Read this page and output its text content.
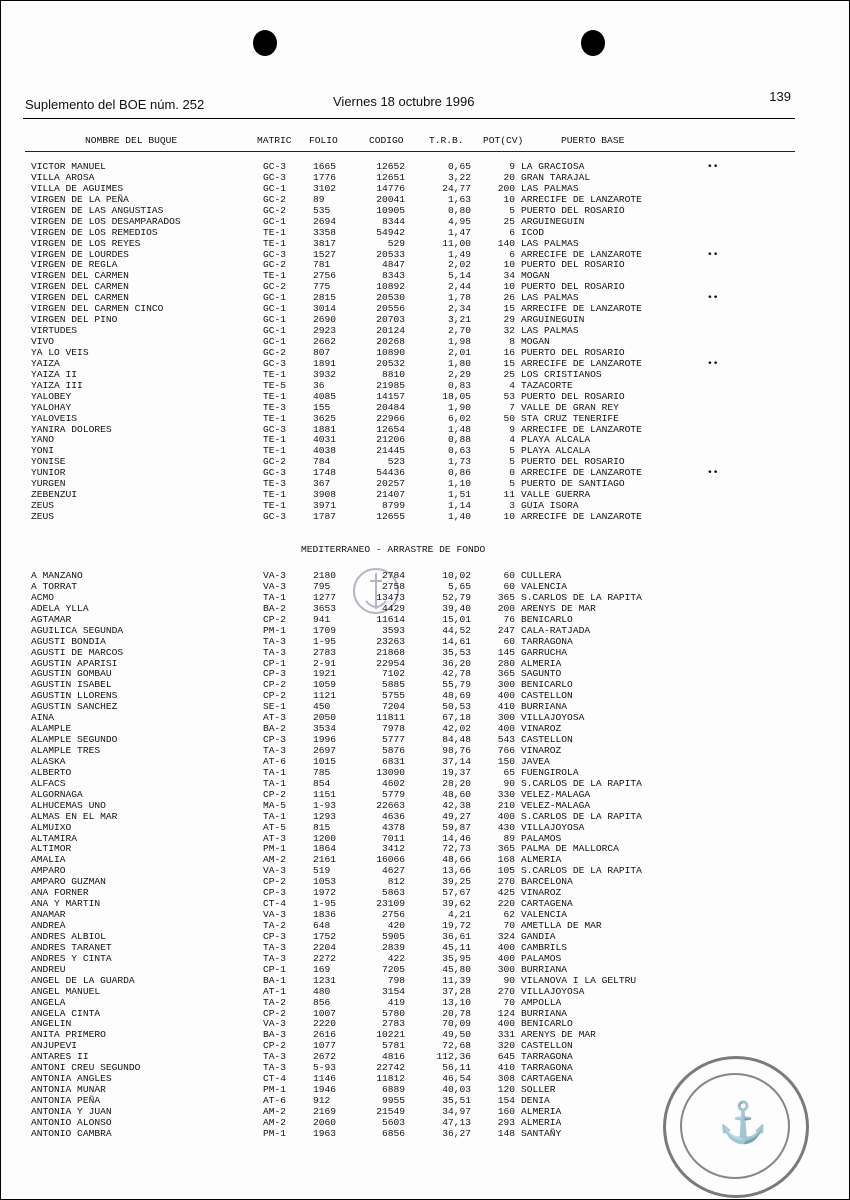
Suplemento del BOE núm. 252	Viernes 18 octubre 1996	139
NOMBRE DEL BUQUE	MATRIC FOLIO	CODIGO	T.R.B. POT(CV)	PUERTO BASE
VICTOR MANUEL	GC-3	1665	12652	0,65	9 LA GRACIOSA	••
VILLA AROSA	GC-3	1776	12651	3,22	20 GRAN TARAJAL
VILLA DE AGUIMES	GC-1	3102	14776	24,77	200 LAS PALMAS
VIRGEN DE LA PEÑA	GC-2	89	20041	1,63	10 ARRECIFE DE LANZAROTE
VIRGEN DE LAS ANGUSTIAS	GC-2	535	10905	0,80	5 PUERTO DEL ROSARIO
VIRGEN DE LOS DESAMPARADOS	GC-1	2694	8344	4,95	25 ARGUINEGUIN
VIRGEN DE LOS REMEDIOS	TE-1	3358	54942	1,47	6 ICOD
VIRGEN DE LOS REYES	TE-1	3817	529	11,00	140 LAS PALMAS
VIRGEN DE LOURDES	GC-3	1527	20533	1,49	6 ARRECIFE DE LANZAROTE	••
VIRGEN DE REGLA	GC-2	781	4847	2,02	10 PUERTO DEL ROSARIO
VIRGEN DEL CARMEN	TE-1	2756	8343	5,14	34 MOGAN
VIRGEN DEL CARMEN	GC-2	775	10892	2,44	10 PUERTO DEL ROSARIO
VIRGEN DEL CARMEN	GC-1	2815	20530	1,78	26 LAS PALMAS	••
VIRGEN DEL CARMEN CINCO	GC-1	3014	20556	2,34	15 ARRECIFE DE LANZAROTE
VIRGEN DEL PINO	GC-1	2690	20703	3,21	29 ARGUINEGUIN
VIRTUDES	GC-1	2923	20124	2,70	32 LAS PALMAS
VIVO	GC-1	2662	20268	1,98	8 MOGAN
YA LO VEIS	GC-2	807	10890	2,01	16 PUERTO DEL ROSARIO
YAIZA	GC-3	1891	20532	1,80	15 ARRECIFE DE LANZAROTE	••
YAIZA II	TE-1	3932	8810	2,29	25 LOS CRISTIANOS
YAIZA III	TE-5	36	21985	0,83	4 TAZACORTE
YALOBEY	TE-1	4085	14157	18,05	53 PUERTO DEL ROSARIO
YALOHAY	TE-3	155	20484	1,90	7 VALLE DE GRAN REY
YALOVEIS	TE-1	3625	22966	6,02	50 STA CRUZ TENERIFE
YANIRA DOLORES	GC-3	1881	12654	1,48	9 ARRECIFE DE LANZAROTE
YANO	TE-1	4031	21206	0,88	4 PLAYA ALCALA
YONI	TE-1	4038	21445	0,63	5 PLAYA ALCALA
YONISE	GC-2	784	523	1,73	5 PUERTO DEL ROSARIO
YUNIOR	GC-3	1748	54436	0,86	0 ARRECIFE DE LANZAROTE	••
YURGEN	TE-3	367	20257	1,10	5 PUERTO DE SANTIAGO
ZEBENZUI	TE-1	3908	21407	1,51	11 VALLE GUERRA
ZEUS	TE-1	3971	8799	1,14	3 GUIA ISORA
ZEUS	GC-3	1787	12655	1,40	10 ARRECIFE DE LANZAROTE
MEDITERRANEO - ARRASTRE DE FONDO
A MANZANO	VA-3	2180	2784	10,02	60 CULLERA
A TORRAT	VA-3	795	2758	5,65	60 VALENCIA
ACMO	TA-1	1277	13473	52,79	365 S.CARLOS DE LA RAPITA
ADELA YLLA	BA-2	3653	4429	39,40	200 ARENYS DE MAR
AGTAMAR	CP-2	941	11614	15,01	76 BENICARLO
AGUILICA SEGUNDA	PM-1	1709	3593	44,52	247 CALA-RATJADA
AGUSTI BONDIA	TA-3	1-95	23263	14,61	60 TARRAGONA
AGUSTI DE MARCOS	TA-3	2783	21868	35,53	145 GARRUCHA
AGUSTIN APARISI	CP-1	2-91	22954	36,20	280 ALMERIA
AGUSTIN GOMBAU	CP-3	1921	7102	42,78	365 SAGUNTO
AGUSTIN ISABEL	CP-2	1059	5885	55,79	300 BENICARLO
AGUSTIN LLORENS	CP-2	1121	5755	48,69	400 CASTELLON
AGUSTIN SANCHEZ	SE-1	450	7204	50,53	410 BURRIANA
AINA	AT-3	2050	11811	67,18	300 VILLAJOYOSA
ALAMPLE	BA-2	3534	7978	42,02	400 VINAROZ
ALAMPLE SEGUNDO	CP-3	1996	5777	84,48	543 CASTELLON
ALAMPLE TRES	TA-3	2697	5876	98,76	766 VINAROZ
ALASKA	AT-6	1015	6831	37,14	150 JAVEA
ALBERTO	TA-1	785	13090	19,37	65 FUENGIROLA
ALFACS	TA-1	854	4602	28,20	90 S.CARLOS DE LA RAPITA
ALGORNAGA	CP-2	1151	5779	48,60	330 VELEZ-MALAGA
ALHUCEMAS UNO	MA-5	1-93	22663	42,38	210 VELEZ-MALAGA
ALMAS EN EL MAR	TA-1	1293	4636	49,27	400 S.CARLOS DE LA RAPITA
ALMUIXO	AT-5	815	4378	59,87	430 VILLAJOYOSA
ALTAMIRA	AT-3	1200	7011	14,46	89 PALAMOS
ALTIMOR	PM-1	1864	3412	72,73	365 PALMA DE MALLORCA
AMALIA	AM-2	2161	16066	48,66	168 ALMERIA
AMPARO	VA-3	519	4627	13,66	105 S.CARLOS DE LA RAPITA
AMPARO GUZMAN	CP-2	1053	812	39,25	270 BARCELONA
ANA FORNER	CP-3	1972	5863	57,67	425 VINAROZ
ANA Y MARTIN	CT-4	1-95	23109	39,62	220 CARTAGENA
ANAMAR	VA-3	1836	2756	4,21	62 VALENCIA
ANDREA	TA-2	648	420	19,72	70 AMETLLA DE MAR
ANDRES ALBIOL	CP-3	1752	5905	36,61	324 GANDIA
ANDRES TARANET	TA-3	2204	2839	45,11	400 CAMBRILS
ANDRES Y CINTA	TA-3	2272	422	35,95	400 PALAMOS
ANDREU	CP-1	169	7205	45,80	300 BURRIANA
ANGEL DE LA GUARDA	BA-1	1231	798	11,39	90 VILANOVA I LA GELTRU
ANGEL MANUEL	AT-1	480	3154	37,28	270 VILLAJOYOSA
ANGELA	TA-2	856	419	13,10	70 AMPOLLA
ANGELA CINTA	CP-2	1007	5780	20,78	124 BURRIANA
ANGELIN	VA-3	2220	2783	70,09	400 BENICARLO
ANITA PRIMERO	BA-3	2616	10221	49,50	331 ARENYS DE MAR
ANJUPEVI	CP-2	1077	5781	72,68	320 CASTELLON
ANTARES II	TA-3	2672	4816	112,36	645 TARRAGONA
ANTONI CREU SEGUNDO	TA-3	5-93	22742	56,11	410 TARRAGONA
ANTONIA ANGLES	CT-4	1146	11812	46,54	308 CARTAGENA
ANTONIA MUNAR	PM-1	1946	6889	40,03	120 SOLLER
ANTONIA PEÑA	AT-6	912	9955	35,51	154 DENIA
ANTONIA Y JUAN	AM-2	2169	21549	34,97	160 ALMERIA
ANTONIO ALONSO	AM-2	2060	5603	47,13	293 ALMERIA
ANTONIO CAMBRA	PM-1	1963	6856	36,27	148 SANTAÑY	⚓
